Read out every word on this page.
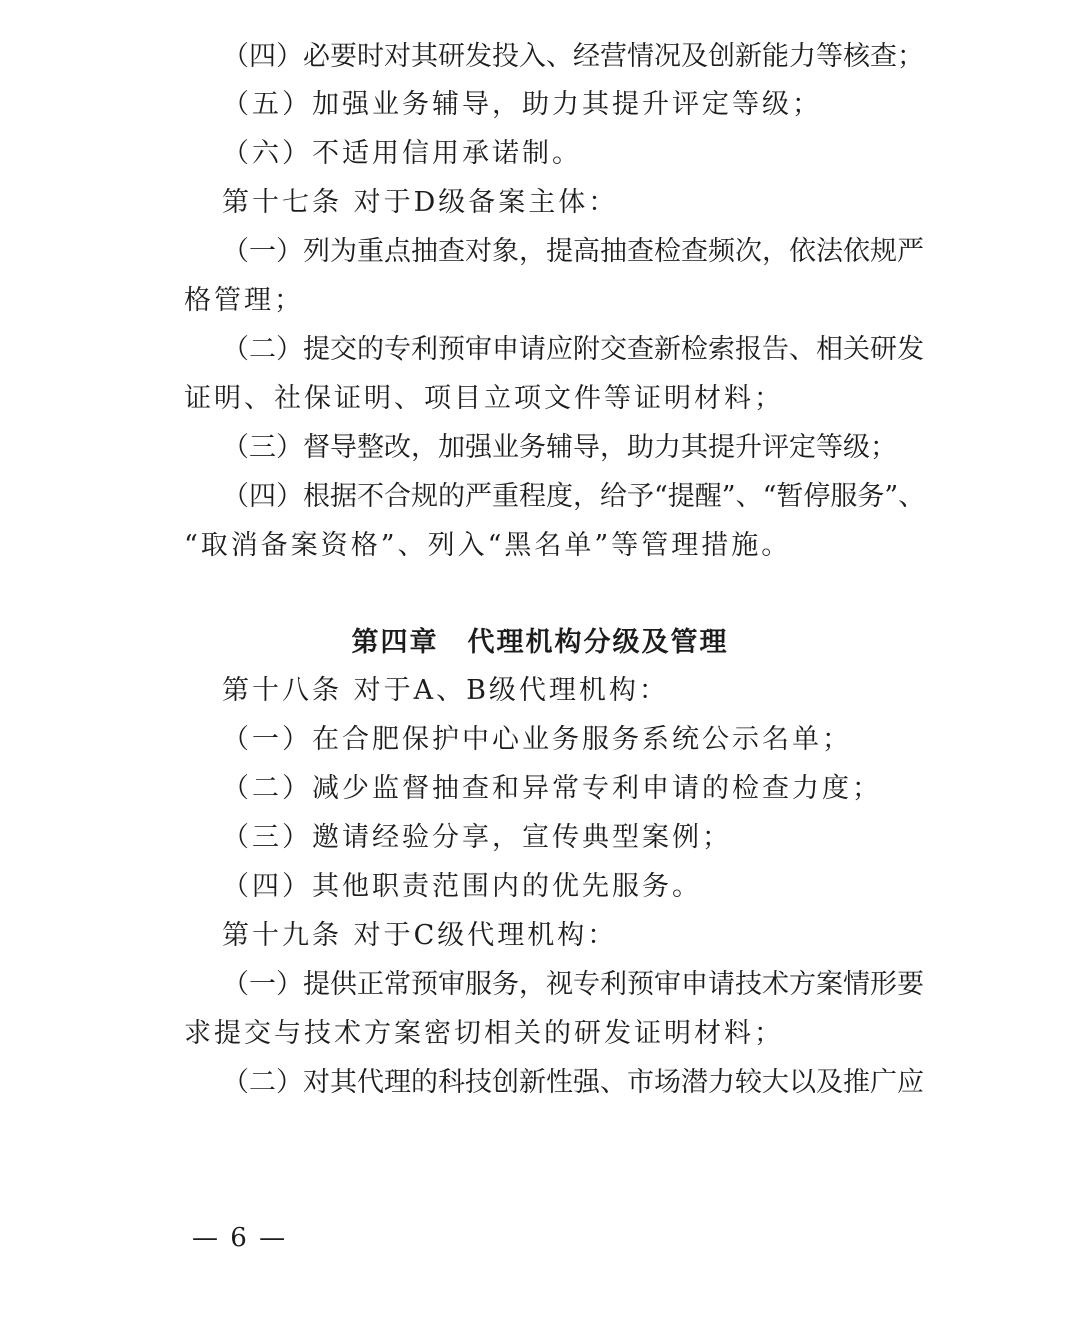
（四）必要时对其研发投入、经营情况及创新能力等核查；
（五）加强业务辅导，助力其提升评定等级；
（六）不适用信用承诺制。
第十七条 对于D级备案主体：
（一）列为重点抽查对象，提高抽查检查频次，依法依规严
格管理；
（二）提交的专利预审申请应附交查新检索报告、相关研发
证明、社保证明、项目立项文件等证明材料；
（三）督导整改，加强业务辅导，助力其提升评定等级；
（四）根据不合规的严重程度，给予“提醒”、“暂停服务”、
“取消备案资格”、列入“黑名单”等管理措施。
第四章　代理机构分级及管理
第十八条 对于A、B级代理机构：
（一）在合肥保护中心业务服务系统公示名单；
（二）减少监督抽查和异常专利申请的检查力度；
（三）邀请经验分享，宣传典型案例；
（四）其他职责范围内的优先服务。
第十九条 对于C级代理机构：
（一）提供正常预审服务，视专利预审申请技术方案情形要
求提交与技术方案密切相关的研发证明材料；
（二）对其代理的科技创新性强、市场潜力较大以及推广应
— 6 —
